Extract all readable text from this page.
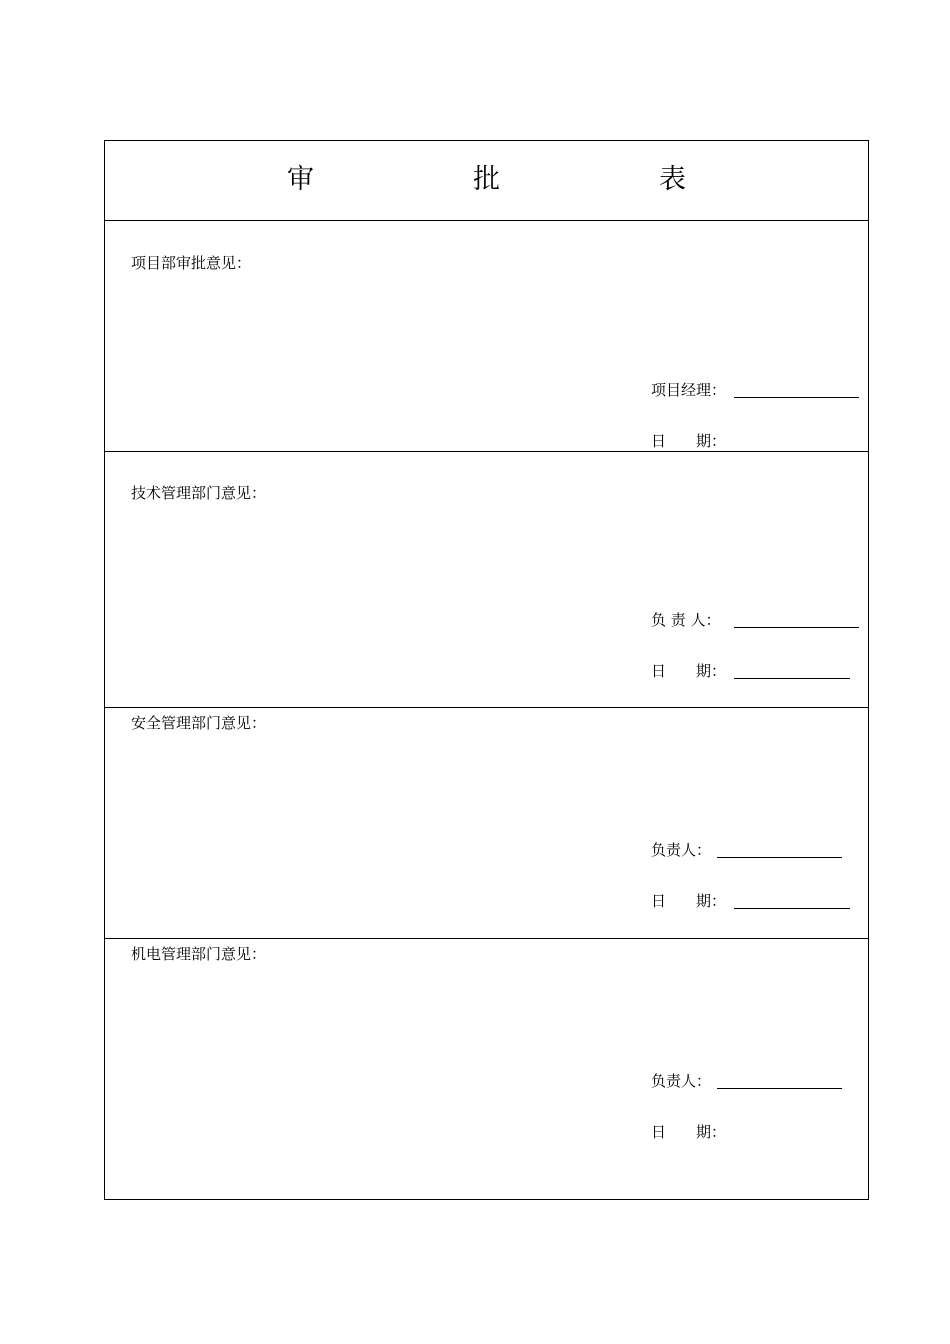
审　批　表
项目部审批意见：
项目经理：
日　　期：
技术管理部门意见：
负 责 人：
日　　期：
安全管理部门意见：
负责人：
日　　期：
机电管理部门意见：
负责人：
日　　期：
